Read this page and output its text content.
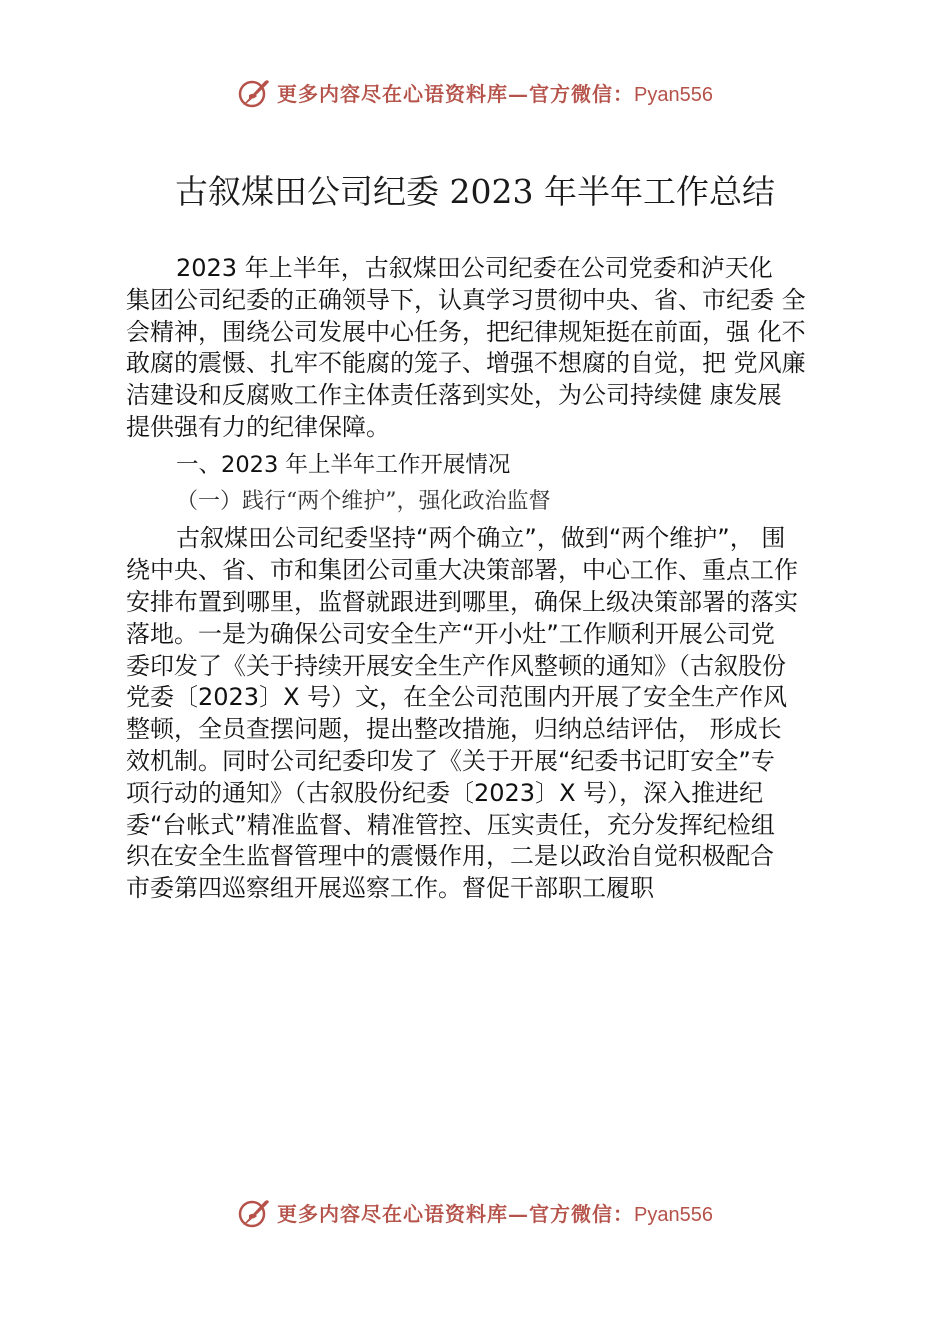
更多内容尽在心语资料库—官方微信：Pyan556
古叙煤田公司纪委 2023 年半年工作总结
2023 年上半年，古叙煤田公司纪委在公司党委和泸天化
集团公司纪委的正确领导下，认真学习贯彻中央、省、市纪委 全
会精神，围绕公司发展中心任务，把纪律规矩挺在前面，强 化不
敢腐的震慑、扎牢不能腐的笼子、增强不想腐的自觉，把 党风廉
洁建设和反腐败工作主体责任落到实处，为公司持续健 康发展
提供强有力的纪律保障。
一、2023 年上半年工作开展情况
（一）践行“两个维护”，强化政治监督
古叙煤田公司纪委坚持“两个确立”，做到“两个维护”， 围
绕中央、省、市和集团公司重大决策部署，中心工作、重点工作
安排布置到哪里，监督就跟进到哪里，确保上级决策部署的落实
落地。一是为确保公司安全生产“开小灶”工作顺利开展公司党
委印发了《关于持续开展安全生产作风整顿的通知》（古叙股份
党委〔2023〕X 号）文，在全公司范围内开展了安全生产作风
整顿，全员查摆问题，提出整改措施，归纳总结评估， 形成长
效机制。同时公司纪委印发了《关于开展“纪委书记盯安全”专
项行动的通知》（古叙股份纪委〔2023〕X 号），深入推进纪
委“台帐式”精准监督、精准管控、压实责任，充分发挥纪检组
织在安全生监督管理中的震慑作用，二是以政治自觉积极配合
市委第四巡察组开展巡察工作。督促干部职工履职
更多内容尽在心语资料库—官方微信：Pyan556
